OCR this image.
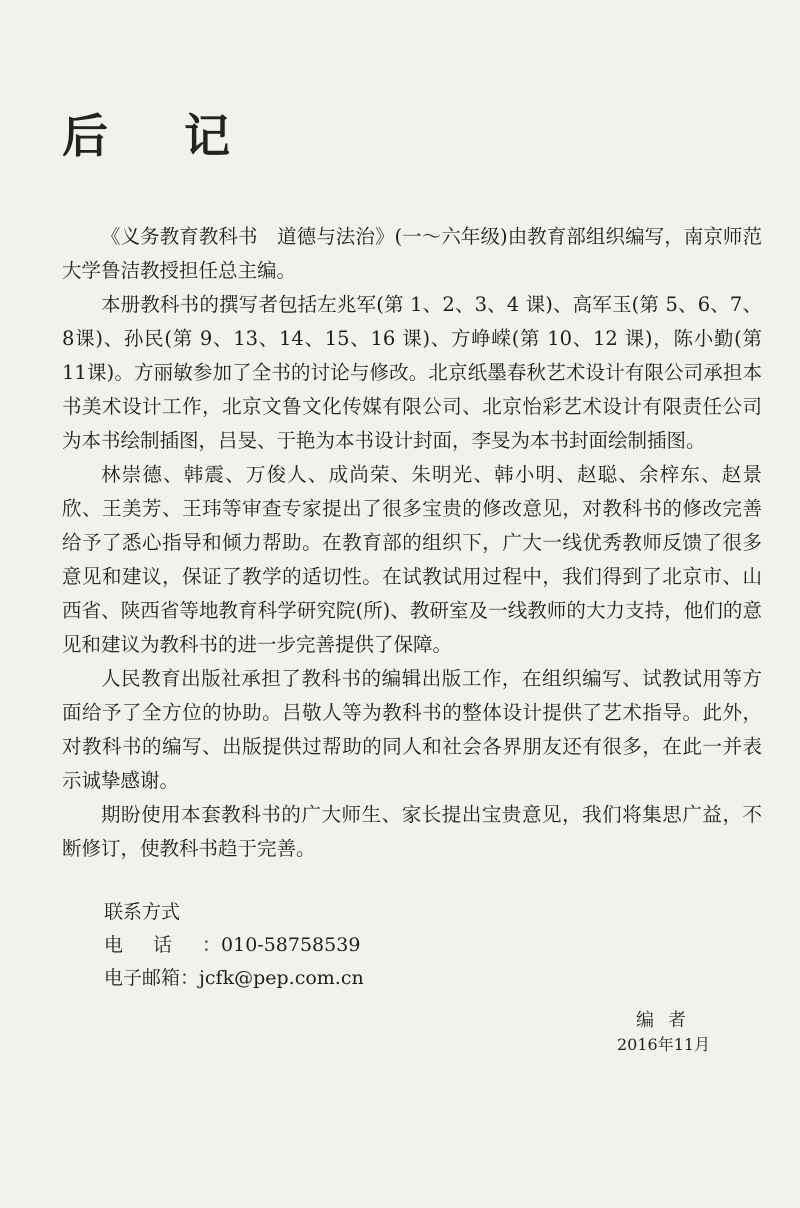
后 记

《义务教育教科书　道德与法治》(一～六年级)由教育部组织编写，南京师范大学鲁洁教授担任总主编。

本册教科书的撰写者包括左兆军(第 1、2、3、4 课)、高军玉(第 5、6、7、8课)、孙民(第 9、13、14、15、16 课)、方峥嵘(第 10、12 课)，陈小勤(第 11课)。方丽敏参加了全书的讨论与修改。北京纸墨春秋艺术设计有限公司承担本书美术设计工作，北京文鲁文化传媒有限公司、北京怡彩艺术设计有限责任公司为本书绘制插图，吕旻、于艳为本书设计封面，李旻为本书封面绘制插图。

林崇德、韩震、万俊人、成尚荣、朱明光、韩小明、赵聪、余梓东、赵景欣、王美芳、王玮等审查专家提出了很多宝贵的修改意见，对教科书的修改完善给予了悉心指导和倾力帮助。在教育部的组织下，广大一线优秀教师反馈了很多意见和建议，保证了教学的适切性。在试教试用过程中，我们得到了北京市、山西省、陕西省等地教育科学研究院(所)、教研室及一线教师的大力支持，他们的意见和建议为教科书的进一步完善提供了保障。

人民教育出版社承担了教科书的编辑出版工作，在组织编写、试教试用等方面给予了全方位的协助。吕敬人等为教科书的整体设计提供了艺术指导。此外，对教科书的编写、出版提供过帮助的同人和社会各界朋友还有很多，在此一并表示诚挚感谢。

期盼使用本套教科书的广大师生、家长提出宝贵意见，我们将集思广益，不断修订，使教科书趋于完善。

联系方式
电话：010-58758539
电子邮箱：jcfk@pep.com.cn
编者
2016年11月
